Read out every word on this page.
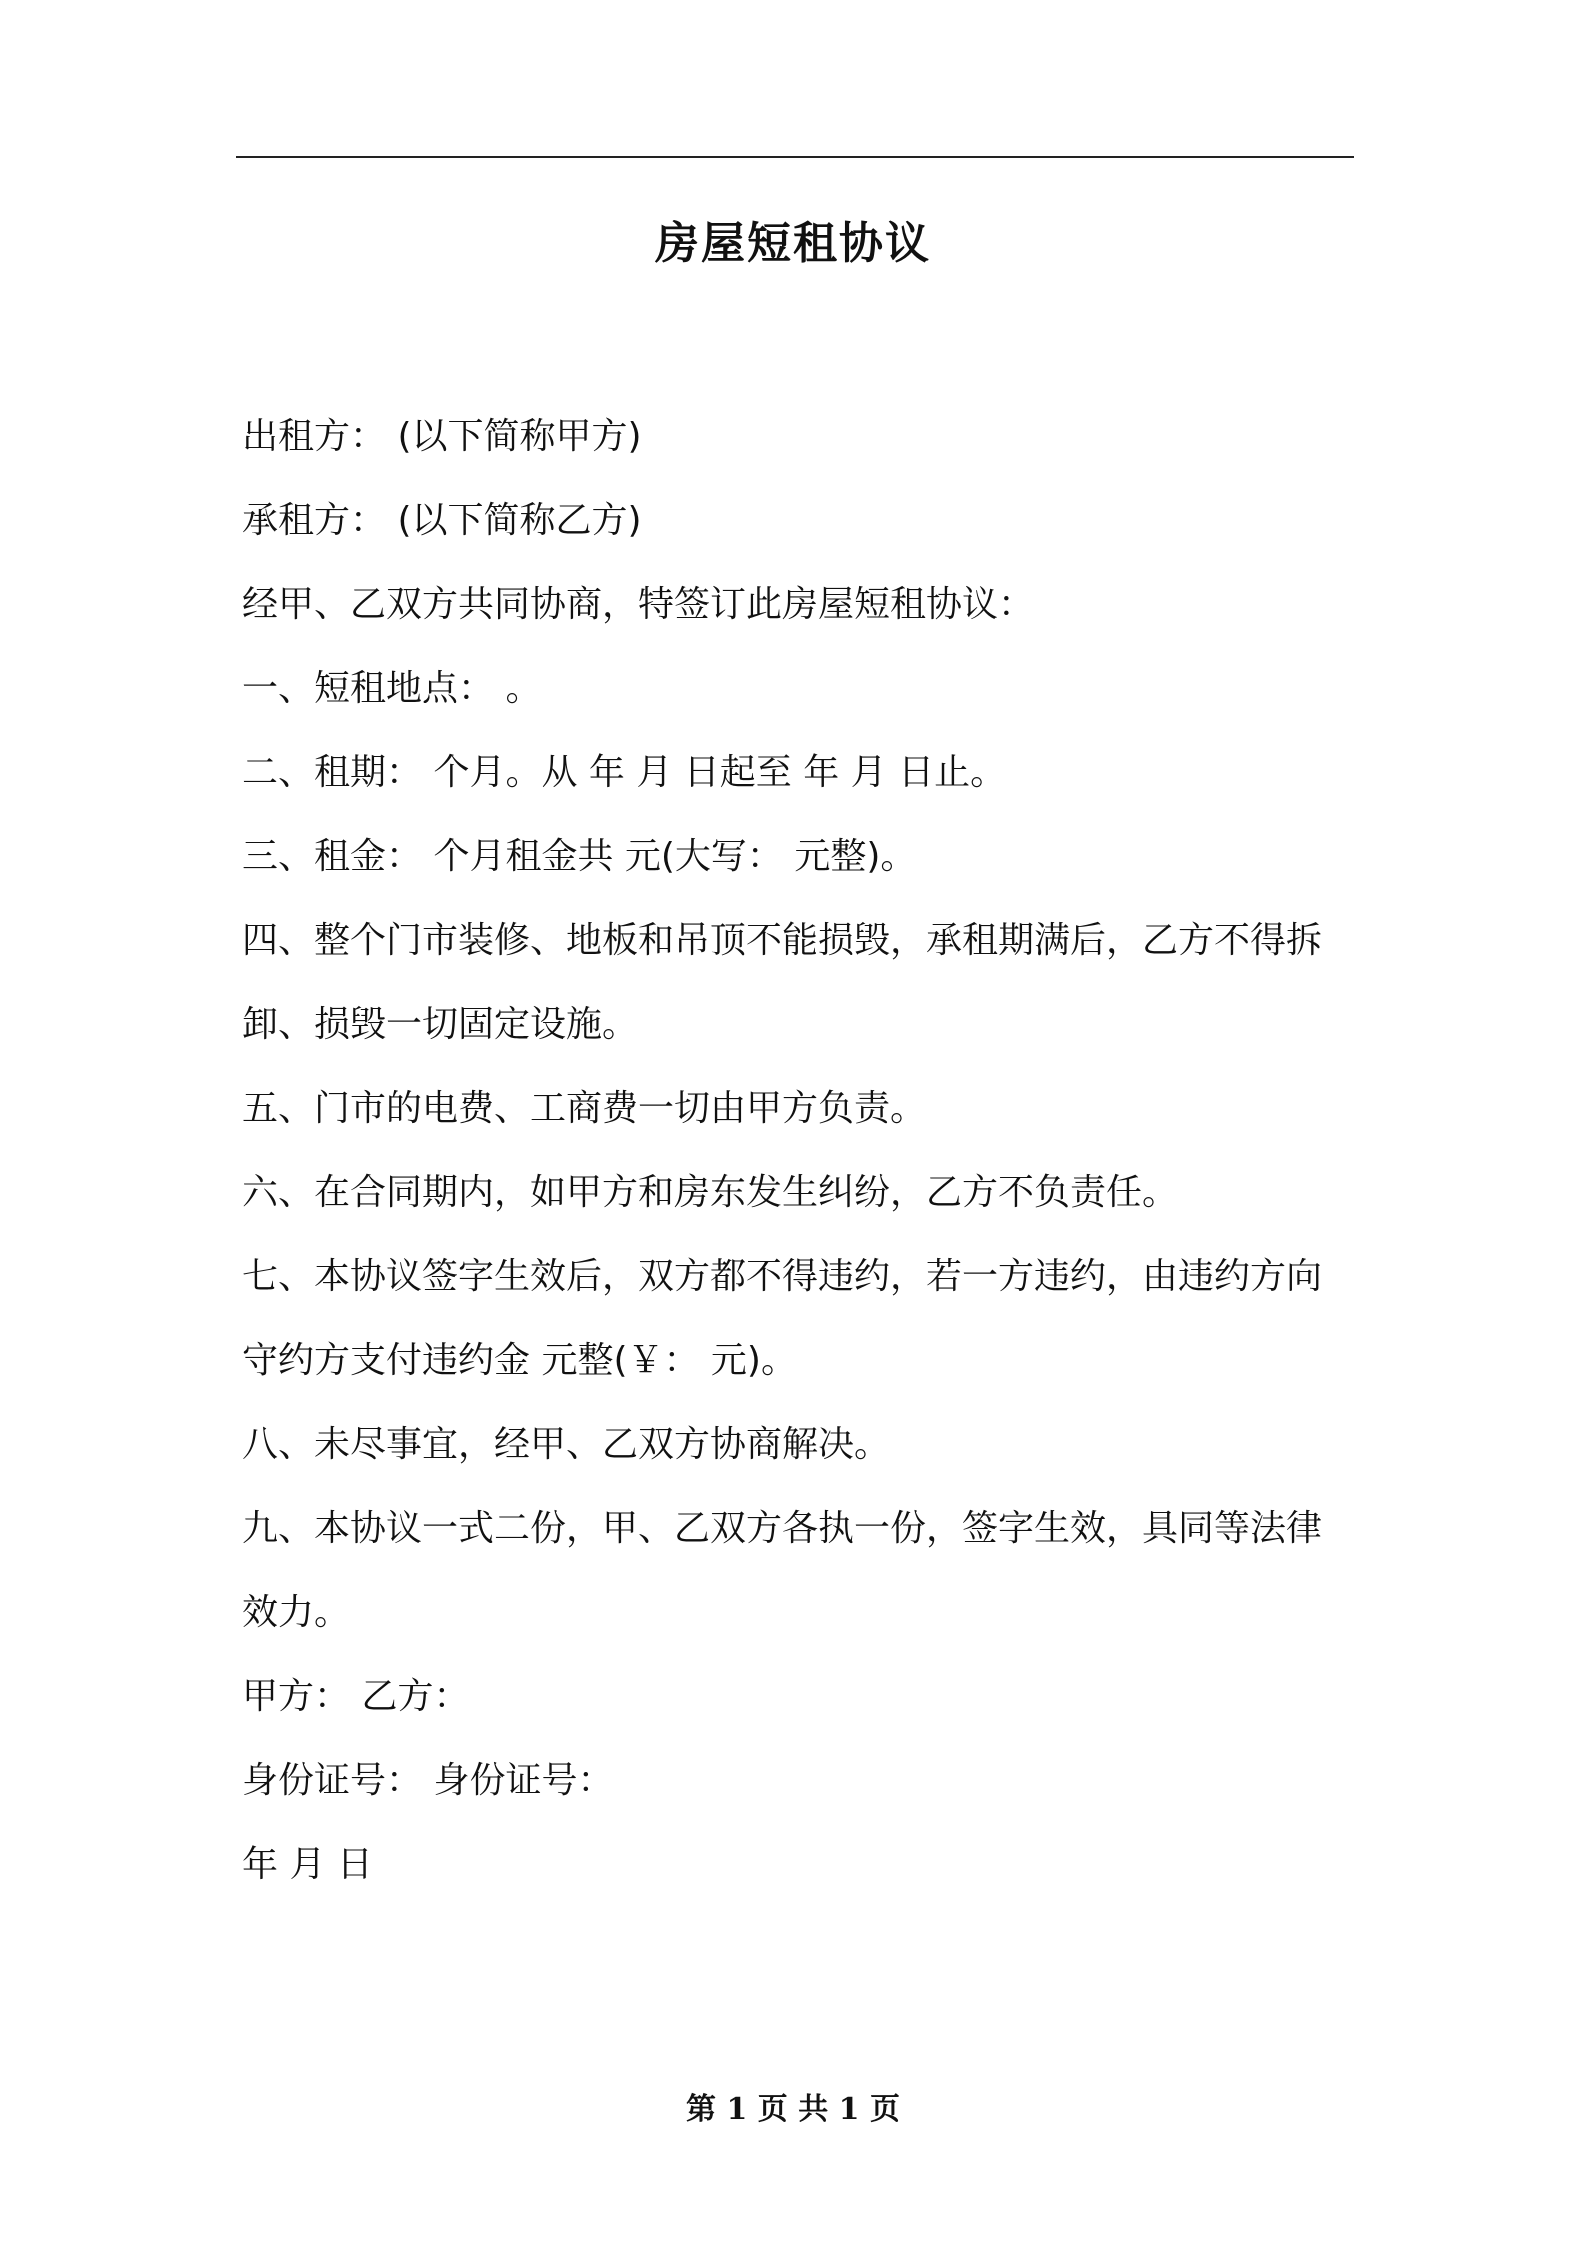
房屋短租协议
出租方： (以下简称甲方)
承租方： (以下简称乙方)
经甲、乙双方共同协商，特签订此房屋短租协议：
一、短租地点： 。
二、租期： 个月。从 年 月 日起至 年 月 日止。
三、租金： 个月租金共 元(大写： 元整)。
四、整个门市装修、地板和吊顶不能损毁，承租期满后，乙方不得拆
卸、损毁一切固定设施。
五、门市的电费、工商费一切由甲方负责。
六、在合同期内，如甲方和房东发生纠纷，乙方不负责任。
七、本协议签字生效后，双方都不得违约，若一方违约，由违约方向
守约方支付违约金 元整(￥： 元)。
八、未尽事宜，经甲、乙双方协商解决。
九、本协议一式二份，甲、乙双方各执一份，签字生效，具同等法律
效力。
甲方： 乙方：
身份证号： 身份证号：
年 月 日
第 1 页 共 1 页
